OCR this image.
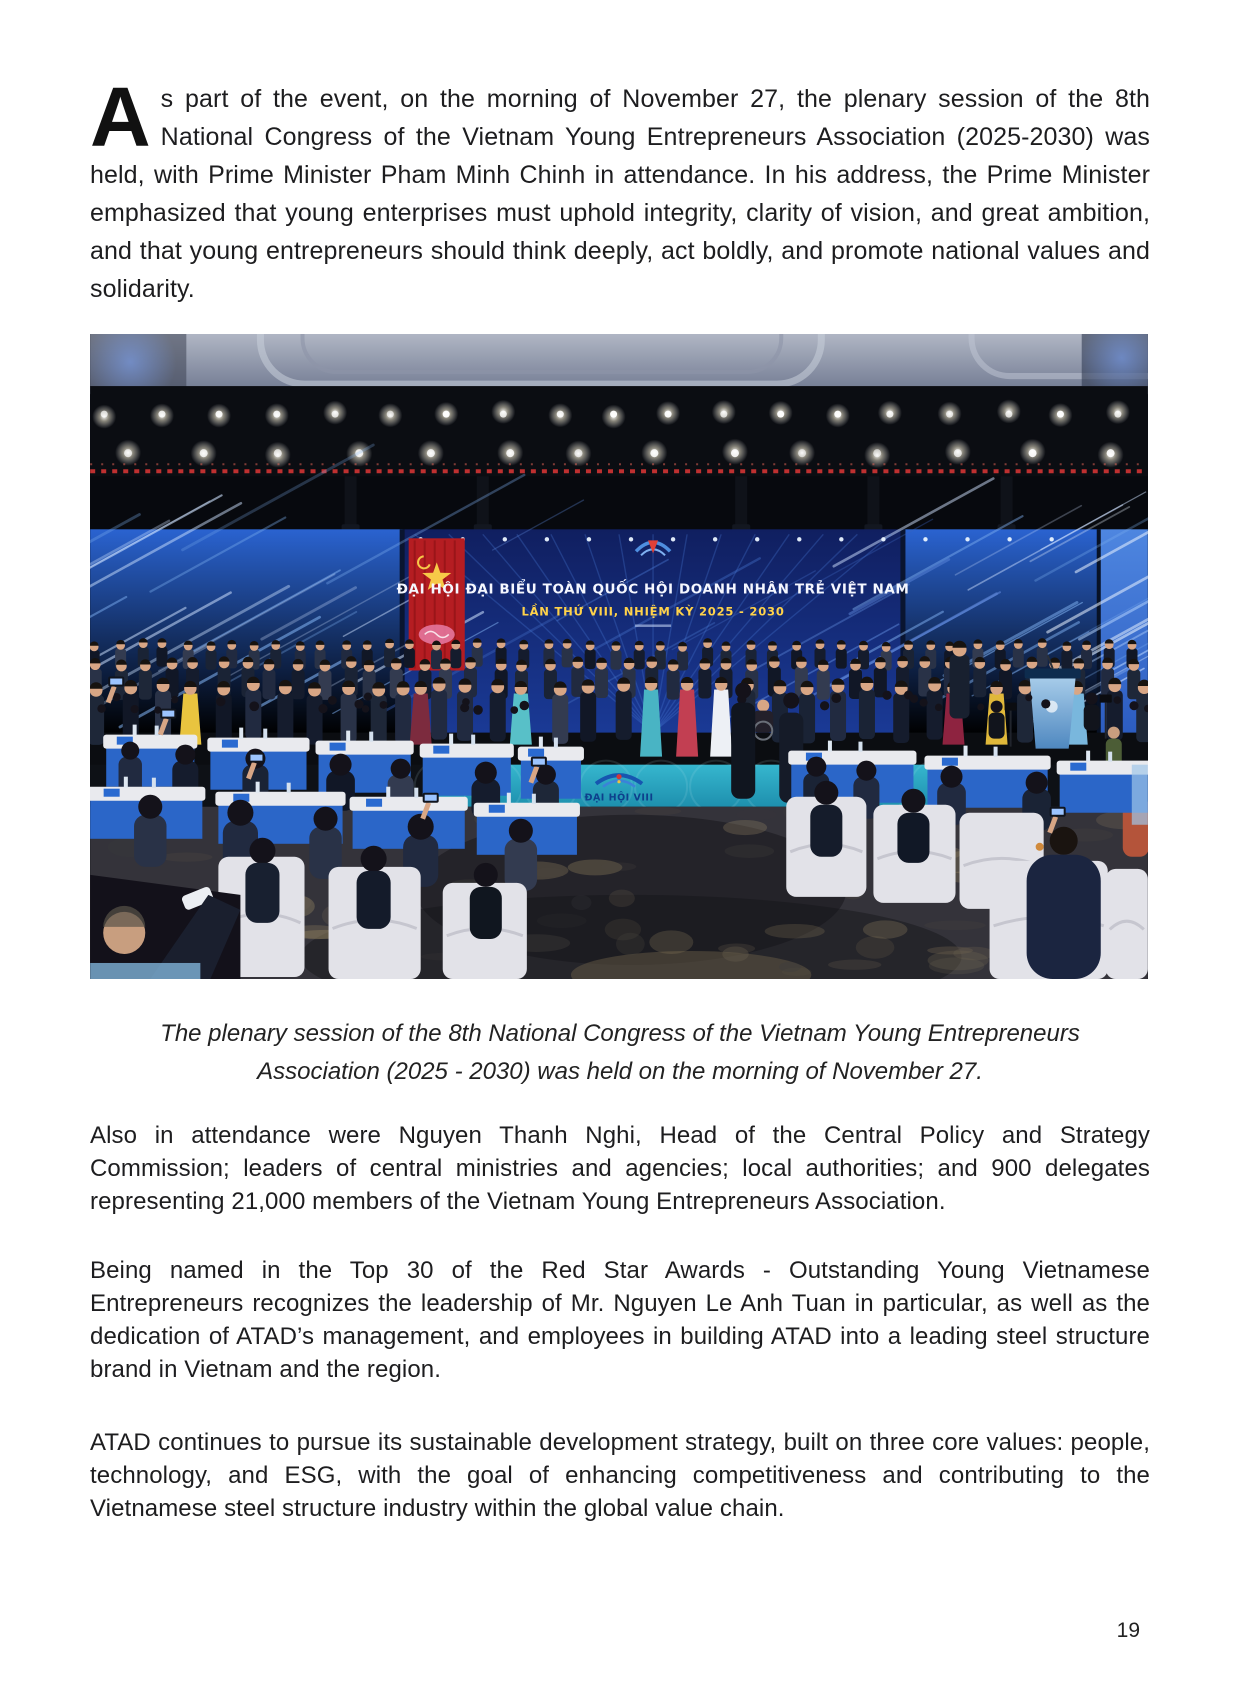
As part of the event, on the morning of November 27, the plenary session of the 8th National Congress of the Vietnam Young Entrepreneurs Association (2025-2030) was held, with Prime Minister Pham Minh Chinh in attendance. In his address, the Prime Minister emphasized that young enterprises must uphold integrity, clarity of vision, and great ambition, and that young entrepreneurs should think deeply, act boldly, and promote national values and solidarity.

ĐẠI HỘI ĐẠI BIỂU TOÀN QUỐC HỘI DOANH NHÂN TRẺ VIỆT NAM
LẦN THỨ VIII, NHIỆM KỲ 2025 - 2030
ĐẠI HỘI VIII
The plenary session of the 8th National Congress of the Vietnam Young Entrepreneurs Association (2025 - 2030) was held on the morning of November 27.

Also in attendance were Nguyen Thanh Nghi, Head of the Central Policy and Strategy Commission; leaders of central ministries and agencies; local authorities; and 900 delegates representing 21,000 members of the Vietnam Young Entrepreneurs Association.

Being named in the Top 30 of the Red Star Awards - Outstanding Young Vietnamese Entrepreneurs recognizes the leadership of Mr. Nguyen Le Anh Tuan in particular, as well as the dedication of ATAD’s management, and employees in building ATAD into a leading steel structure brand in Vietnam and the region.

ATAD continues to pursue its sustainable development strategy, built on three core values: people, technology, and ESG, with the goal of enhancing competitiveness and contributing to the Vietnamese steel structure industry within the global value chain.

19
